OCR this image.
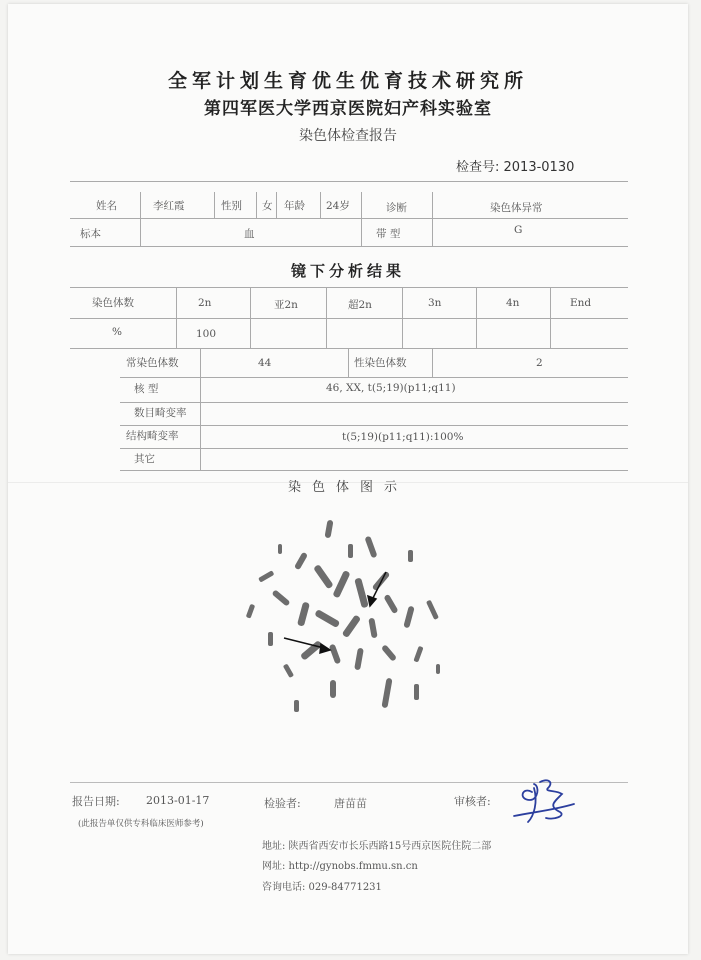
全军计划生育优生优育技术研究所
第四军医大学西京医院妇产科实验室
染色体检查报告
检查号: 2013-0130
姓名	李红霞	性别 女 年龄 24岁	诊断	染色体异常
标本	血	带 型	G
镜下分析结果
染色体数	2n	亚2n	超2n	3n	4n	End
%	100
常染色体数	44	性染色体数	2
核 型	46, XX, t(5;19)(p11;q11)
数目畸变率
结构畸变率	t(5;19)(p11;q11):100%
其它
染色体图示
报告日期: 2013-01-17	检验者:	唐苗苗	审核者:
(此报告单仅供专科临床医师参考)
地址: 陕西省西安市长乐西路15号西京医院住院二部
网址: http://gynobs.fmmu.sn.cn
咨询电话: 029-84771231
